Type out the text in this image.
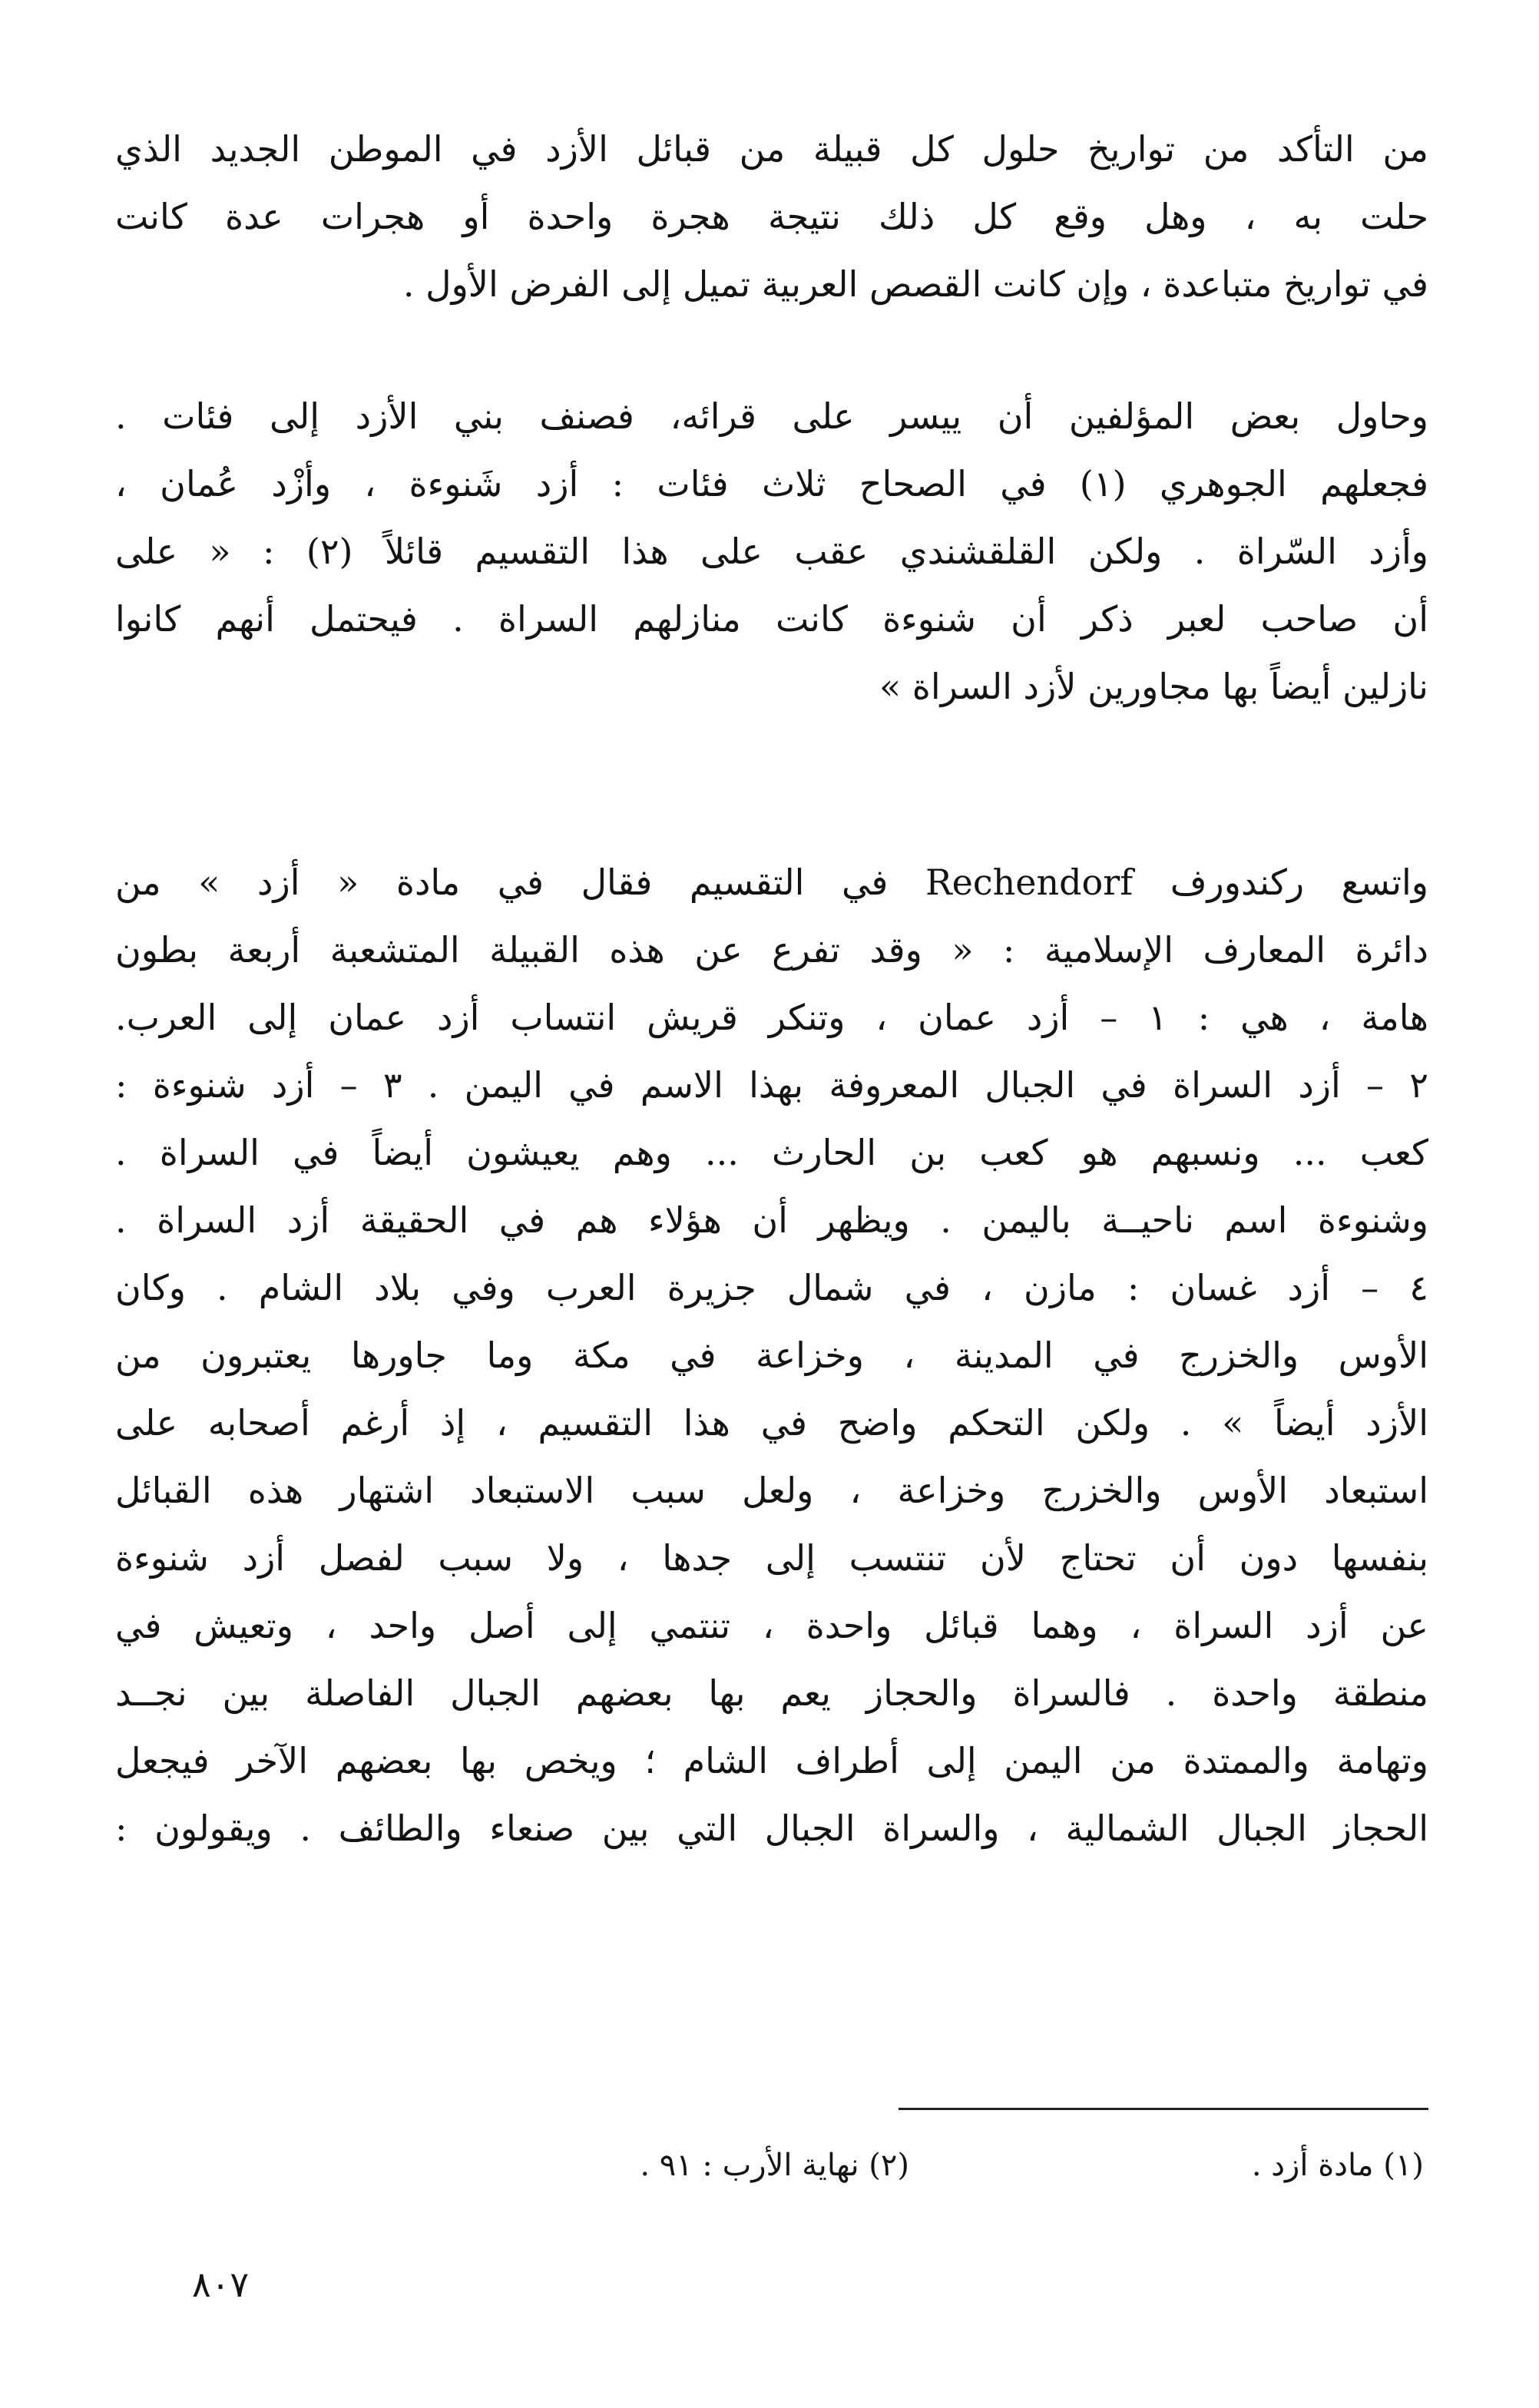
من التأكد من تواريخ حلول كل قبيلة من قبائل الأزد في الموطن الجديد الذي
حلت به ، وهل وقع كل ذلك نتيجة هجرة واحدة أو هجرات عدة كانت
في تواريخ متباعدة ، وإن كانت القصص العربية تميل إلى الفرض الأول .
وحاول بعض المؤلفين أن ييسر على قرائه، فصنف بني الأزد إلى فئات .
فجعلهم الجوهري (١) في الصحاح ثلاث فئات : أزد شَنوءة ، وأزْد عُمان ،
وأزد السّراة . ولكن القلقشندي عقب على هذا التقسيم قائلاً (٢) : « على
أن صاحب لعبر ذكر أن شنوءة كانت منازلهم السراة . فيحتمل أنهم كانوا
نازلين أيضاً بها مجاورين لأزد السراة »
واتسع ركندورف Rechendorf في التقسيم فقال في مادة « أزد » من
دائرة المعارف الإسلامية : « وقد تفرع عن هذه القبيلة المتشعبة أربعة بطون
هامة ، هي : ١ – أزد عمان ، وتنكر قريش انتساب أزد عمان إلى العرب.
٢ – أزد السراة في الجبال المعروفة بهذا الاسم في اليمن . ٣ – أزد شنوءة :
كعب ... ونسبهم هو كعب بن الحارث ... وهم يعيشون أيضاً في السراة .
وشنوءة اسم ناحيــة باليمن . ويظهر أن هؤلاء هم في الحقيقة أزد السراة .
٤ – أزد غسان : مازن ، في شمال جزيرة العرب وفي بلاد الشام . وكان
الأوس والخزرج في المدينة ، وخزاعة في مكة وما جاورها يعتبرون من
الأزد أيضاً » . ولكن التحكم واضح في هذا التقسيم ، إذ أرغم أصحابه على
استبعاد الأوس والخزرج وخزاعة ، ولعل سبب الاستبعاد اشتهار هذه القبائل
بنفسها دون أن تحتاج لأن تنتسب إلى جدها ، ولا سبب لفصل أزد شنوءة
عن أزد السراة ، وهما قبائل واحدة ، تنتمي إلى أصل واحد ، وتعيش في
منطقة واحدة . فالسراة والحجاز يعم بها بعضهم الجبال الفاصلة بين نجــد
وتهامة والممتدة من اليمن إلى أطراف الشام ؛ ويخص بها بعضهم الآخر فيجعل
الحجاز الجبال الشمالية ، والسراة الجبال التي بين صنعاء والطائف . ويقولون :
(١) مادة أزد .
(٢) نهاية الأرب : ٩١ .
٨٠٧
